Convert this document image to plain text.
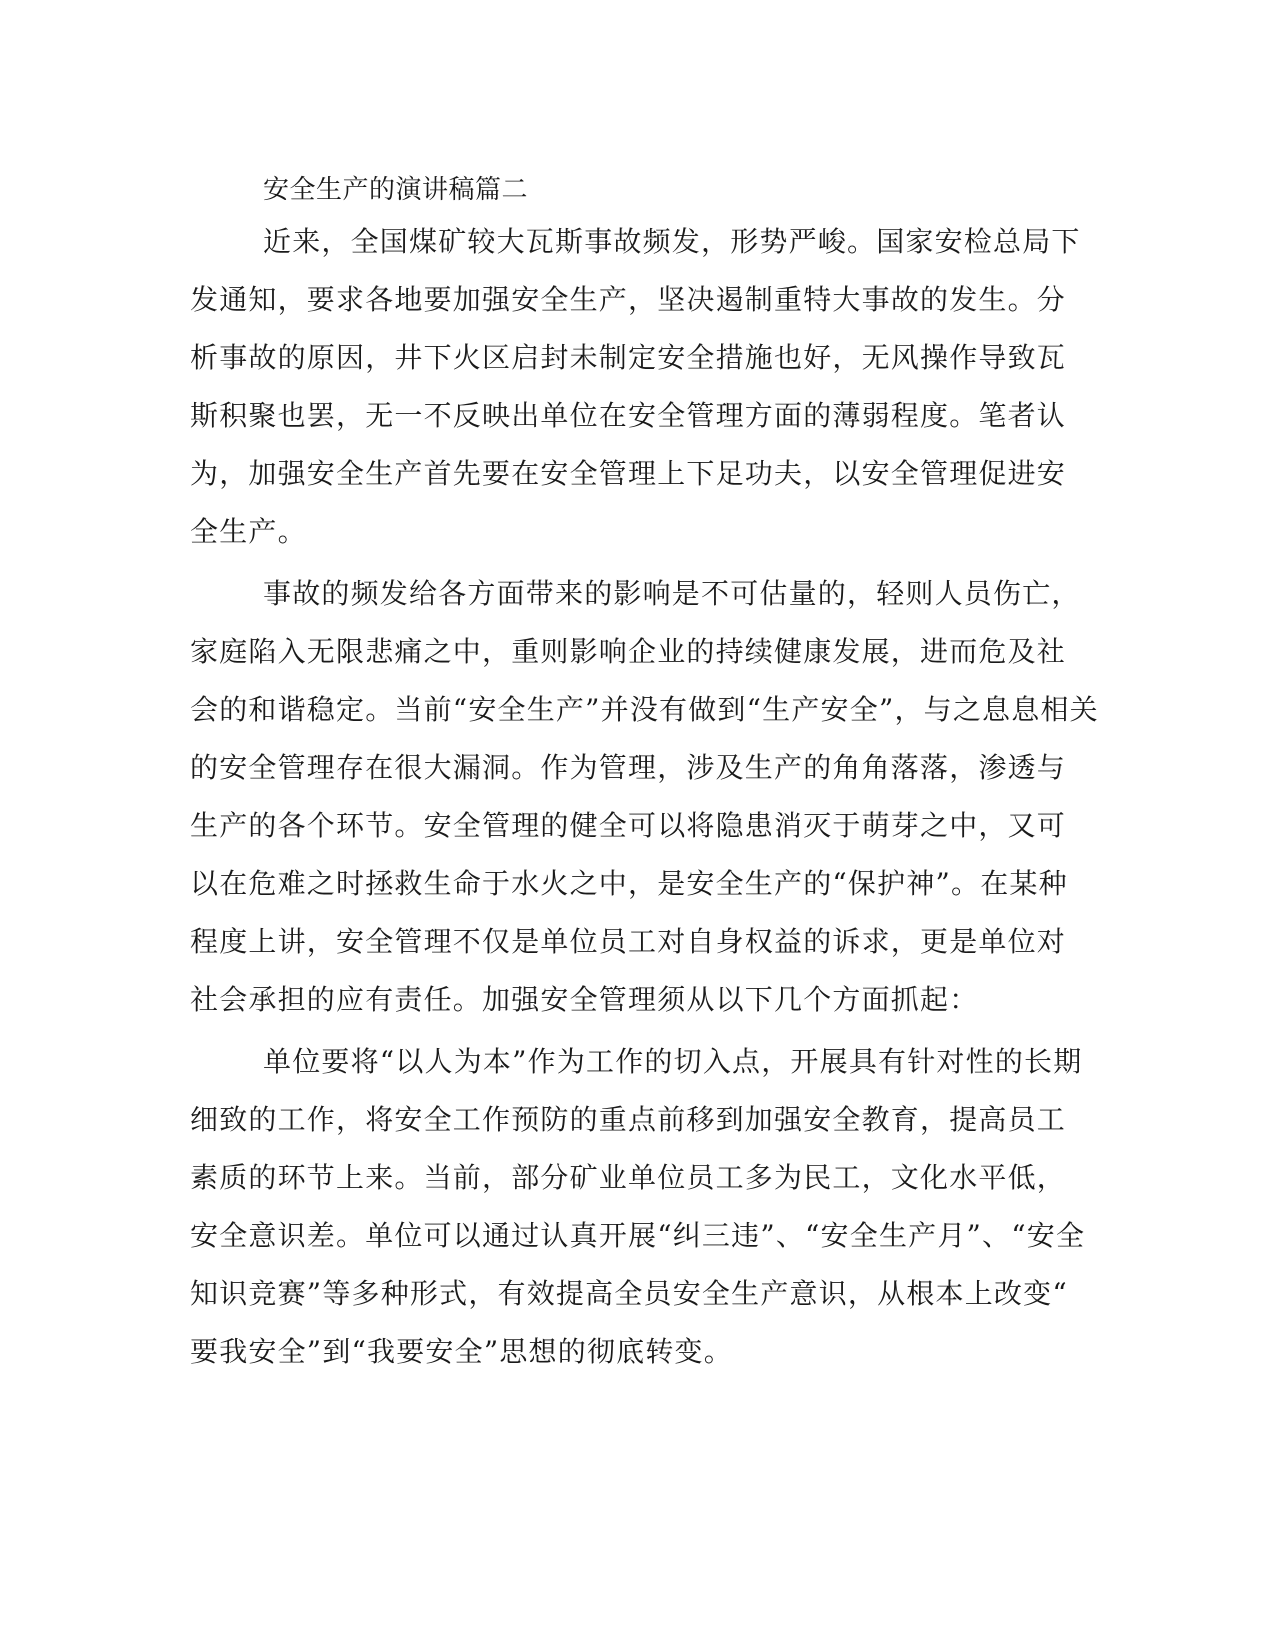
安全生产的演讲稿篇二
近来，全国煤矿较大瓦斯事故频发，形势严峻。国家安检总局下
发通知，要求各地要加强安全生产，坚决遏制重特大事故的发生。分
析事故的原因，井下火区启封未制定安全措施也好，无风操作导致瓦
斯积聚也罢，无一不反映出单位在安全管理方面的薄弱程度。笔者认
为，加强安全生产首先要在安全管理上下足功夫，以安全管理促进安
全生产。
事故的频发给各方面带来的影响是不可估量的，轻则人员伤亡，
家庭陷入无限悲痛之中，重则影响企业的持续健康发展，进而危及社
会的和谐稳定。当前“安全生产”并没有做到“生产安全”，与之息息相关
的安全管理存在很大漏洞。作为管理，涉及生产的角角落落，渗透与
生产的各个环节。安全管理的健全可以将隐患消灭于萌芽之中，又可
以在危难之时拯救生命于水火之中，是安全生产的“保护神”。在某种
程度上讲，安全管理不仅是单位员工对自身权益的诉求，更是单位对
社会承担的应有责任。加强安全管理须从以下几个方面抓起：
单位要将“以人为本”作为工作的切入点，开展具有针对性的长期
细致的工作，将安全工作预防的重点前移到加强安全教育，提高员工
素质的环节上来。当前，部分矿业单位员工多为民工，文化水平低，
安全意识差。单位可以通过认真开展“纠三违”、“安全生产月”、“安全
知识竞赛”等多种形式，有效提高全员安全生产意识，从根本上改变“
要我安全”到“我要安全”思想的彻底转变。
